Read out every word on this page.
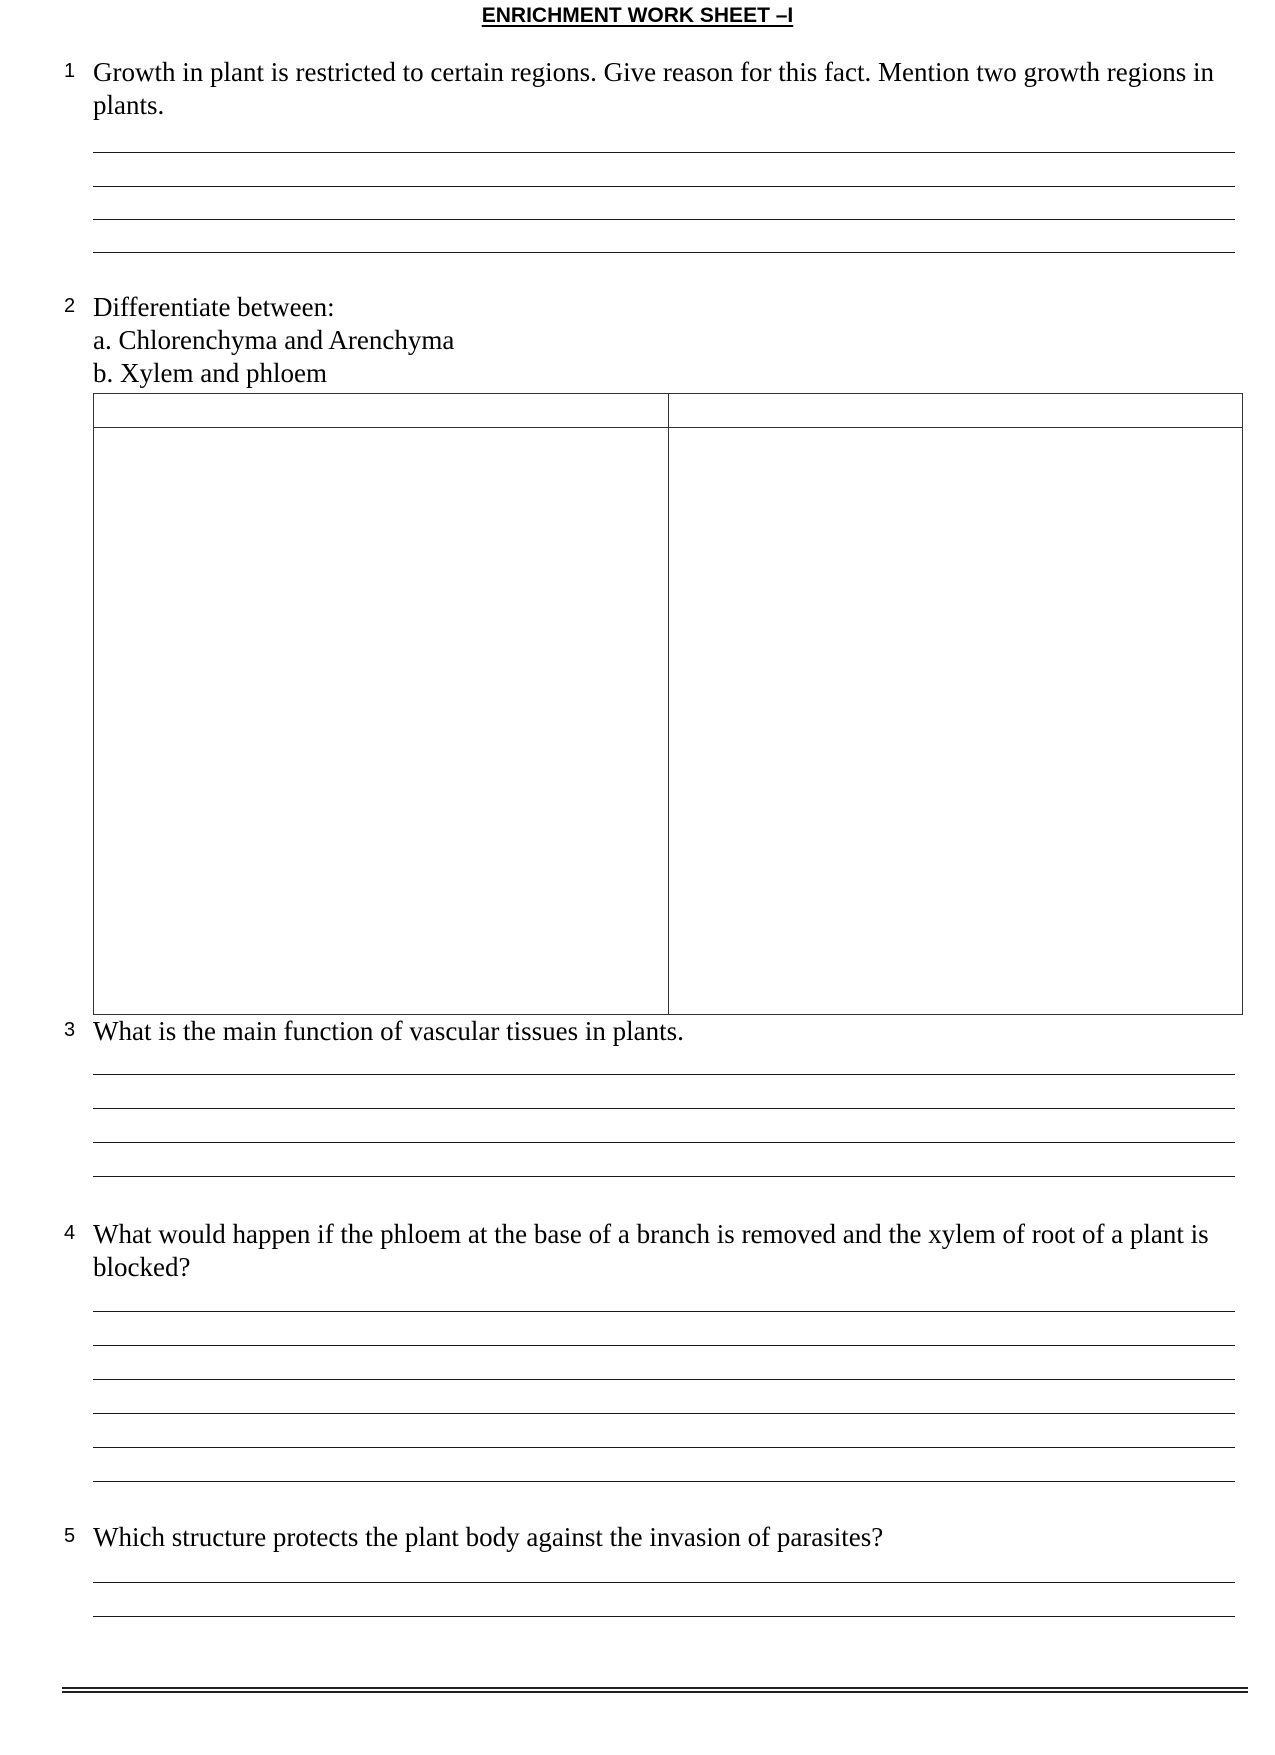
ENRICHMENT WORK SHEET –I
1 Growth in plant is restricted to certain regions. Give reason for this fact. Mention two growth regions in plants.
2 Differentiate between:
a. Chlorenchyma and Arenchyma
b. Xylem and phloem

3 What is the main function of vascular tissues in plants.
4 What would happen if the phloem at the base of a branch is removed and the xylem of root of a plant is blocked?
5 Which structure protects the plant body against the invasion of parasites?
